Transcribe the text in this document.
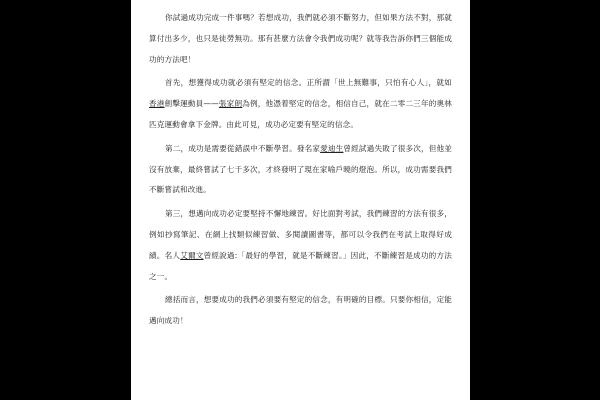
你試過成功完成一件事嗎？若想成功，我們就必須不斷努力，但如果方法不對，那就算付出多少，也只是徒勞無功。那有甚麼方法會令我們成功呢？就等我告訴你們三個能成功的方法吧！

首先，想獲得成功就必須有堅定的信念。正所謂「世上無難事，只怕有心人」，就如香港劍擊運動員——張家朗為例，他憑着堅定的信念，相信自己，就在二零二三年的奧林匹克運動會拿下金牌。由此可見，成功必定要有堅定的信念。

第二，成功是需要從錯誤中不斷學習。發名家愛迪生曾經試過失敗了很多次，但他並沒有放棄，最終嘗試了七千多次，才終發明了現在家喻戶曉的燈泡。所以，成功需要我們不斷嘗試和改進。

第三，想邁向成功必定要堅持不懈地練習。好比面對考試，我們練習的方法有很多，例如抄寫筆記、在網上找類似練習做、多閱讀圖書等，都可以令我們在考試上取得好成績。名人艾爾文曾經說過:「最好的學習，就是不斷練習。」因此，不斷練習是成功的方法之一。

總括而言，想要成功的我們必須要有堅定的信念，有明確的目標。只要你相信，定能邁向成功！
